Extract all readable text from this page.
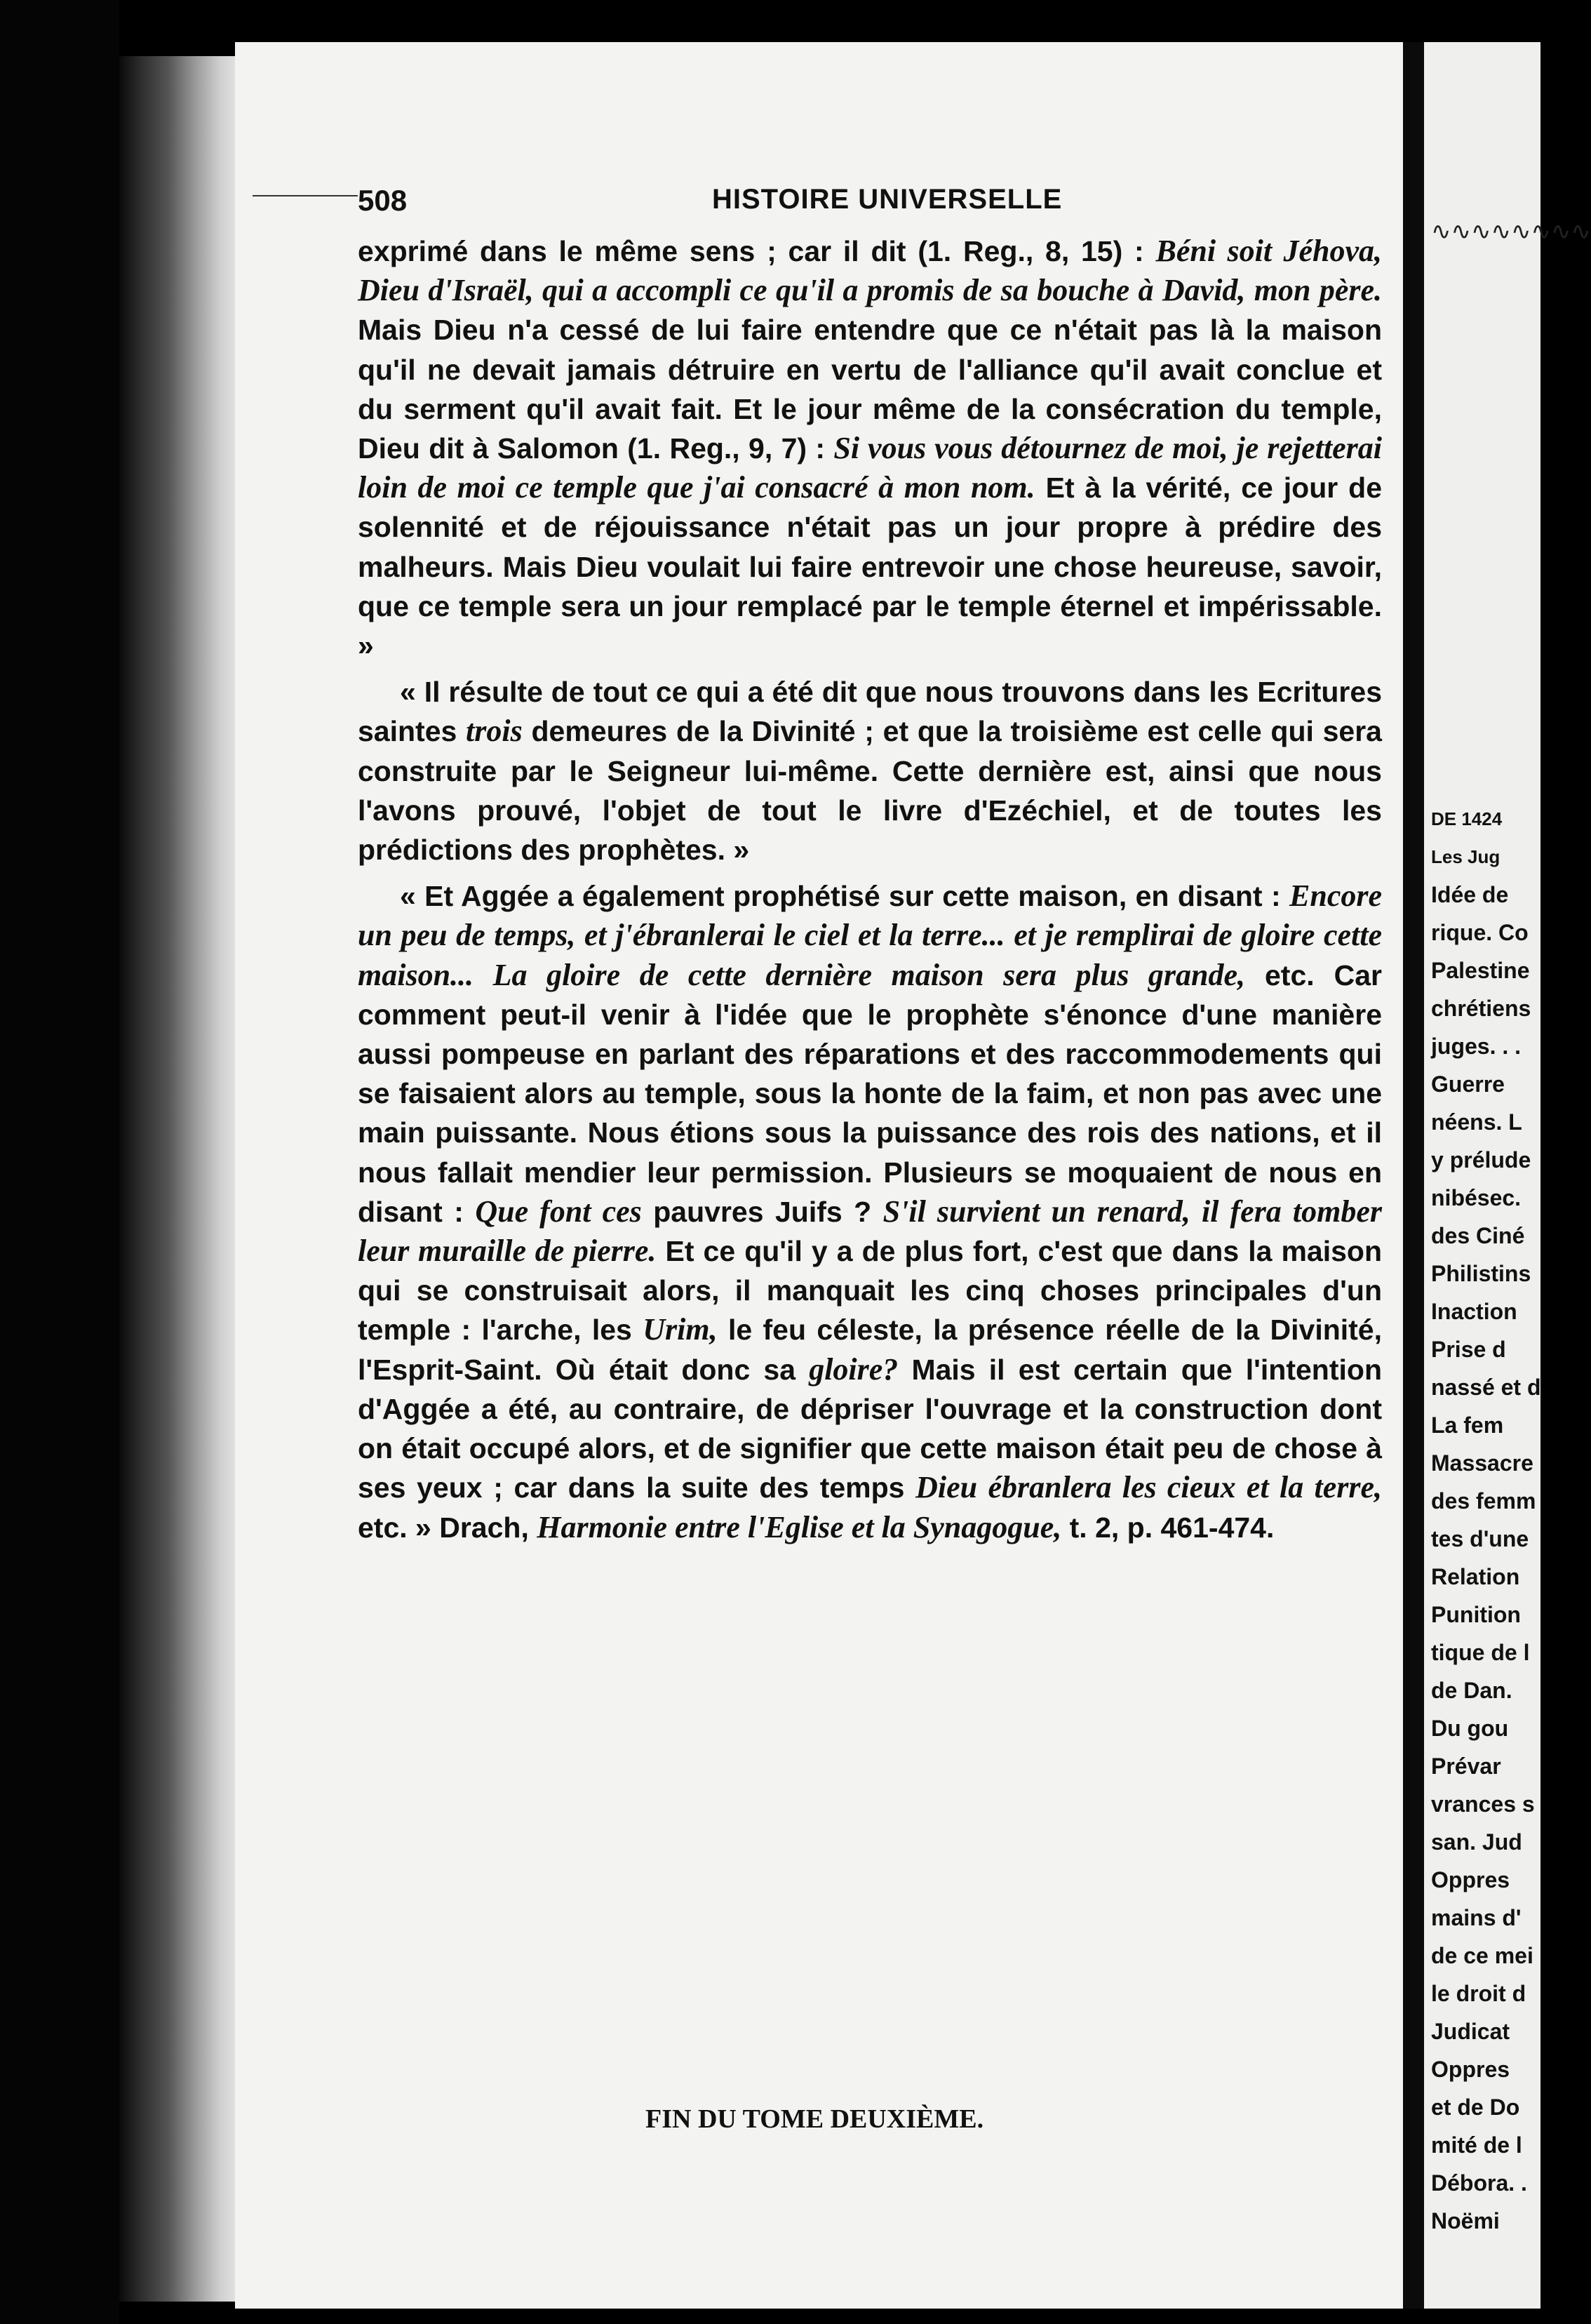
508	HISTOIRE UNIVERSELLE

exprimé dans le même sens ; car il dit (1. Reg., 8, 15) : Béni soit Jéhova, Dieu d'Israël, qui a accompli ce qu'il a promis de sa bouche à David, mon père. Mais Dieu n'a cessé de lui faire entendre que ce n'était pas là la maison qu'il ne devait jamais détruire en vertu de l'alliance qu'il avait conclue et du serment qu'il avait fait. Et le jour même de la consécration du temple, Dieu dit à Salomon (1. Reg., 9, 7) : Si vous vous détournez de moi, je rejetterai loin de moi ce temple que j'ai consacré à mon nom. Et à la vérité, ce jour de solennité et de réjouissance n'était pas un jour propre à prédire des malheurs. Mais Dieu voulait lui faire entrevoir une chose heureuse, savoir, que ce temple sera un jour remplacé par le temple éternel et impérissable. »

« Il résulte de tout ce qui a été dit que nous trouvons dans les Ecritures saintes trois demeures de la Divinité ; et que la troisième est celle qui sera construite par le Seigneur lui-même. Cette dernière est, ainsi que nous l'avons prouvé, l'objet de tout le livre d'Ezéchiel, et de toutes les prédictions des prophètes. »

« Et Aggée a également prophétisé sur cette maison, en disant : Encore un peu de temps, et j'ébranlerai le ciel et la terre... et je remplirai de gloire cette maison... La gloire de cette dernière maison sera plus grande, etc. Car comment peut-il venir à l'idée que le prophète s'énonce d'une manière aussi pompeuse en parlant des réparations et des raccommodements qui se faisaient alors au temple, sous la honte de la faim, et non pas avec une main puissante. Nous étions sous la puissance des rois des nations, et il nous fallait mendier leur permission. Plusieurs se moquaient de nous en disant : Que font ces pauvres Juifs ? S'il survient un renard, il fera tomber leur muraille de pierre. Et ce qu'il y a de plus fort, c'est que dans la maison qui se construisait alors, il manquait les cinq choses principales d'un temple : l'arche, les Urim, le feu céleste, la présence réelle de la Divinité, l'Esprit-Saint. Où était donc sa gloire? Mais il est certain que l'intention d'Aggée a été, au contraire, de dépriser l'ouvrage et la construction dont on était occupé alors, et de signifier que cette maison était peu de chose à ses yeux ; car dans la suite des temps Dieu ébranlera les cieux et la terre, etc. » Drach, Harmonie entre l'Eglise et la Synagogue, t. 2, p. 461-474.

FIN DU TOME DEUXIÈME.
∿∿∿∿∿∿∿∿
DE 1424
Les Jug
Idée de
rique. Co
Palestine
chrétiens
juges. . .
Guerre
néens. L
y prélude
nibésec.
des Ciné
Philistins
Inaction
Prise d
nassé et d
La fem
Massacre
des femm
tes d'une
Relation
Punition
tique de l
de Dan.
Du gou
Prévar
vrances s
san. Jud
Oppres
mains d'
de ce mei
le droit d
Judicat
Oppres
et de Do
mité de l
Débora. .
Noëmi
